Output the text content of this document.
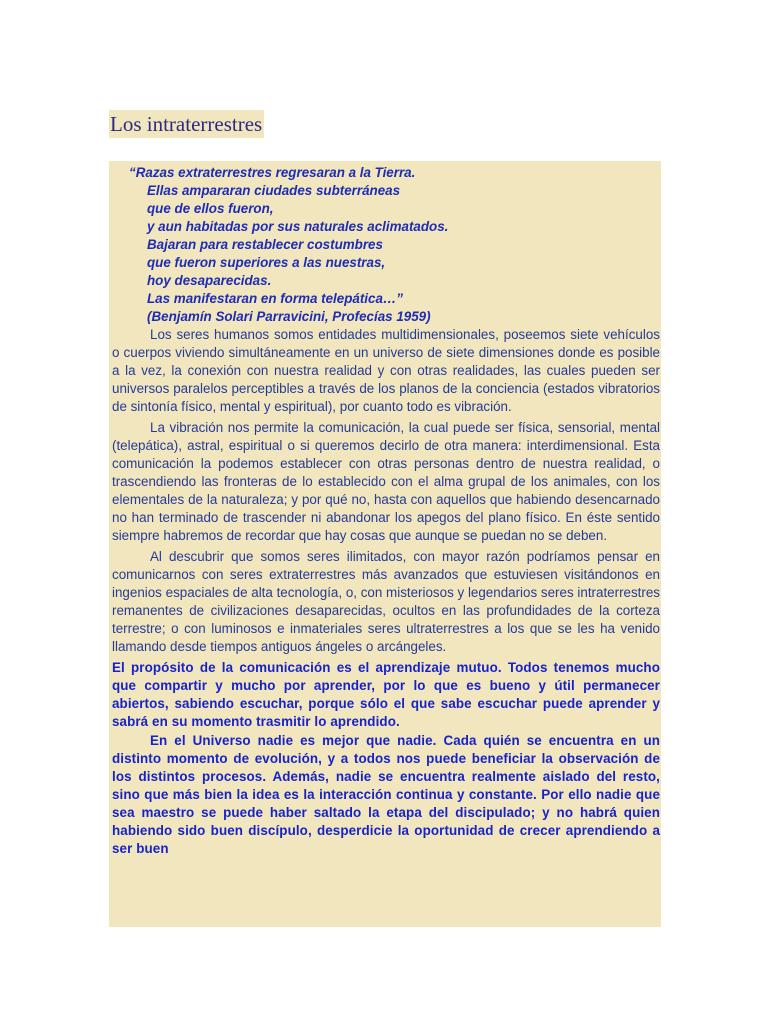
Los intraterrestres
“Razas extraterrestres regresaran a la Tierra.
Ellas ampararan ciudades subterráneas
que de ellos fueron,
y aun habitadas por sus naturales aclimatados.
Bajaran para restablecer costumbres
que fueron superiores a las nuestras,
hoy desaparecidas.
Las manifestaran en forma telepática…”
(Benjamín Solari Parravicini, Profecías 1959)

Los seres humanos somos entidades multidimensionales, poseemos siete vehículos o cuerpos viviendo simultáneamente en un universo de siete dimensiones donde es posible a la vez, la conexión con nuestra realidad y con otras realidades, las cuales pueden ser universos paralelos perceptibles a través de los planos de la conciencia (estados vibratorios de sintonía físico, mental y espiritual), por cuanto todo es vibración.

La vibración nos permite la comunicación, la cual puede ser física, sensorial, mental (telepática), astral, espiritual o si queremos decirlo de otra manera: interdimensional. Esta comunicación la podemos establecer con otras personas dentro de nuestra realidad, o trascendiendo las fronteras de lo establecido con el alma grupal de los animales, con los elementales de la naturaleza; y por qué no, hasta con aquellos que habiendo desencarnado no han terminado de trascender ni abandonar los apegos del plano físico. En éste sentido siempre habremos de recordar que hay cosas que aunque se puedan no se deben.

Al descubrir que somos seres ilimitados, con mayor razón podríamos pensar en comunicarnos con seres extraterrestres más avanzados que estuviesen visitándonos en ingenios espaciales de alta tecnología, o, con misteriosos y legendarios seres intraterrestres remanentes de civilizaciones desaparecidas, ocultos en las profundidades de la corteza terrestre; o con luminosos e inmateriales seres ultraterrestres a los que se les ha venido llamando desde tiempos antiguos ángeles o arcángeles.

El propósito de la comunicación es el aprendizaje mutuo. Todos tenemos mucho que compartir y mucho por aprender, por lo que es bueno y útil permanecer abiertos, sabiendo escuchar, porque sólo el que sabe escuchar puede aprender y sabrá en su momento trasmitir lo aprendido.

En el Universo nadie es mejor que nadie. Cada quién se encuentra en un distinto momento de evolución, y a todos nos puede beneficiar la observación de los distintos procesos. Además, nadie se encuentra realmente aislado del resto, sino que más bien la idea es la interacción continua y constante. Por ello nadie que sea maestro se puede haber saltado la etapa del discipulado; y no habrá quien habiendo sido buen discípulo, desperdicie la oportunidad de crecer aprendiendo a ser buen
